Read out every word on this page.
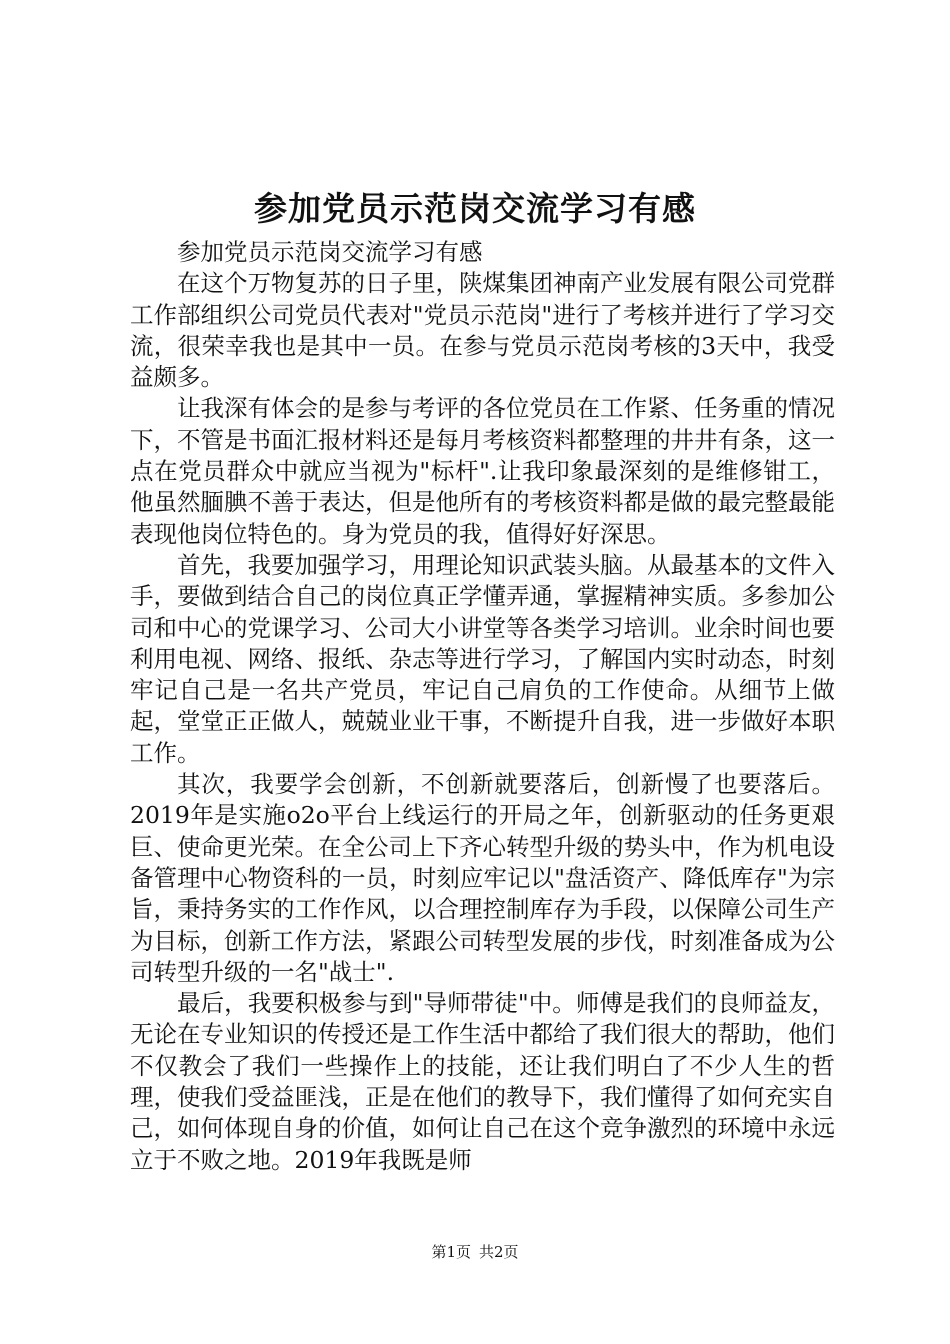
参加党员示范岗交流学习有感

参加党员示范岗交流学习有感

在这个万物复苏的日子里，陕煤集团神南产业发展有限公司党群工作部组织公司党员代表对"党员示范岗"进行了考核并进行了学习交流，很荣幸我也是其中一员。在参与党员示范岗考核的3天中，我受益颇多。

让我深有体会的是参与考评的各位党员在工作紧、任务重的情况下，不管是书面汇报材料还是每月考核资料都整理的井井有条，这一点在党员群众中就应当视为"标杆".让我印象最深刻的是维修钳工，他虽然腼腆不善于表达，但是他所有的考核资料都是做的最完整最能表现他岗位特色的。身为党员的我，值得好好深思。

首先，我要加强学习，用理论知识武装头脑。从最基本的文件入手，要做到结合自己的岗位真正学懂弄通，掌握精神实质。多参加公司和中心的党课学习、公司大小讲堂等各类学习培训。业余时间也要利用电视、网络、报纸、杂志等进行学习，了解国内实时动态，时刻牢记自己是一名共产党员，牢记自己肩负的工作使命。从细节上做起，堂堂正正做人，兢兢业业干事，不断提升自我，进一步做好本职工作。

其次，我要学会创新，不创新就要落后，创新慢了也要落后。2019年是实施o2o平台上线运行的开局之年，创新驱动的任务更艰巨、使命更光荣。在全公司上下齐心转型升级的势头中，作为机电设备管理中心物资科的一员，时刻应牢记以"盘活资产、降低库存"为宗旨，秉持务实的工作作风，以合理控制库存为手段，以保障公司生产为目标，创新工作方法，紧跟公司转型发展的步伐，时刻准备成为公司转型升级的一名"战士".

最后，我要积极参与到"导师带徒"中。师傅是我们的良师益友，无论在专业知识的传授还是工作生活中都给了我们很大的帮助，他们不仅教会了我们一些操作上的技能，还让我们明白了不少人生的哲理，使我们受益匪浅，正是在他们的教导下，我们懂得了如何充实自己，如何体现自身的价值，如何让自己在这个竞争激烈的环境中永远立于不败之地。2019年我既是师

第1页 共2页
